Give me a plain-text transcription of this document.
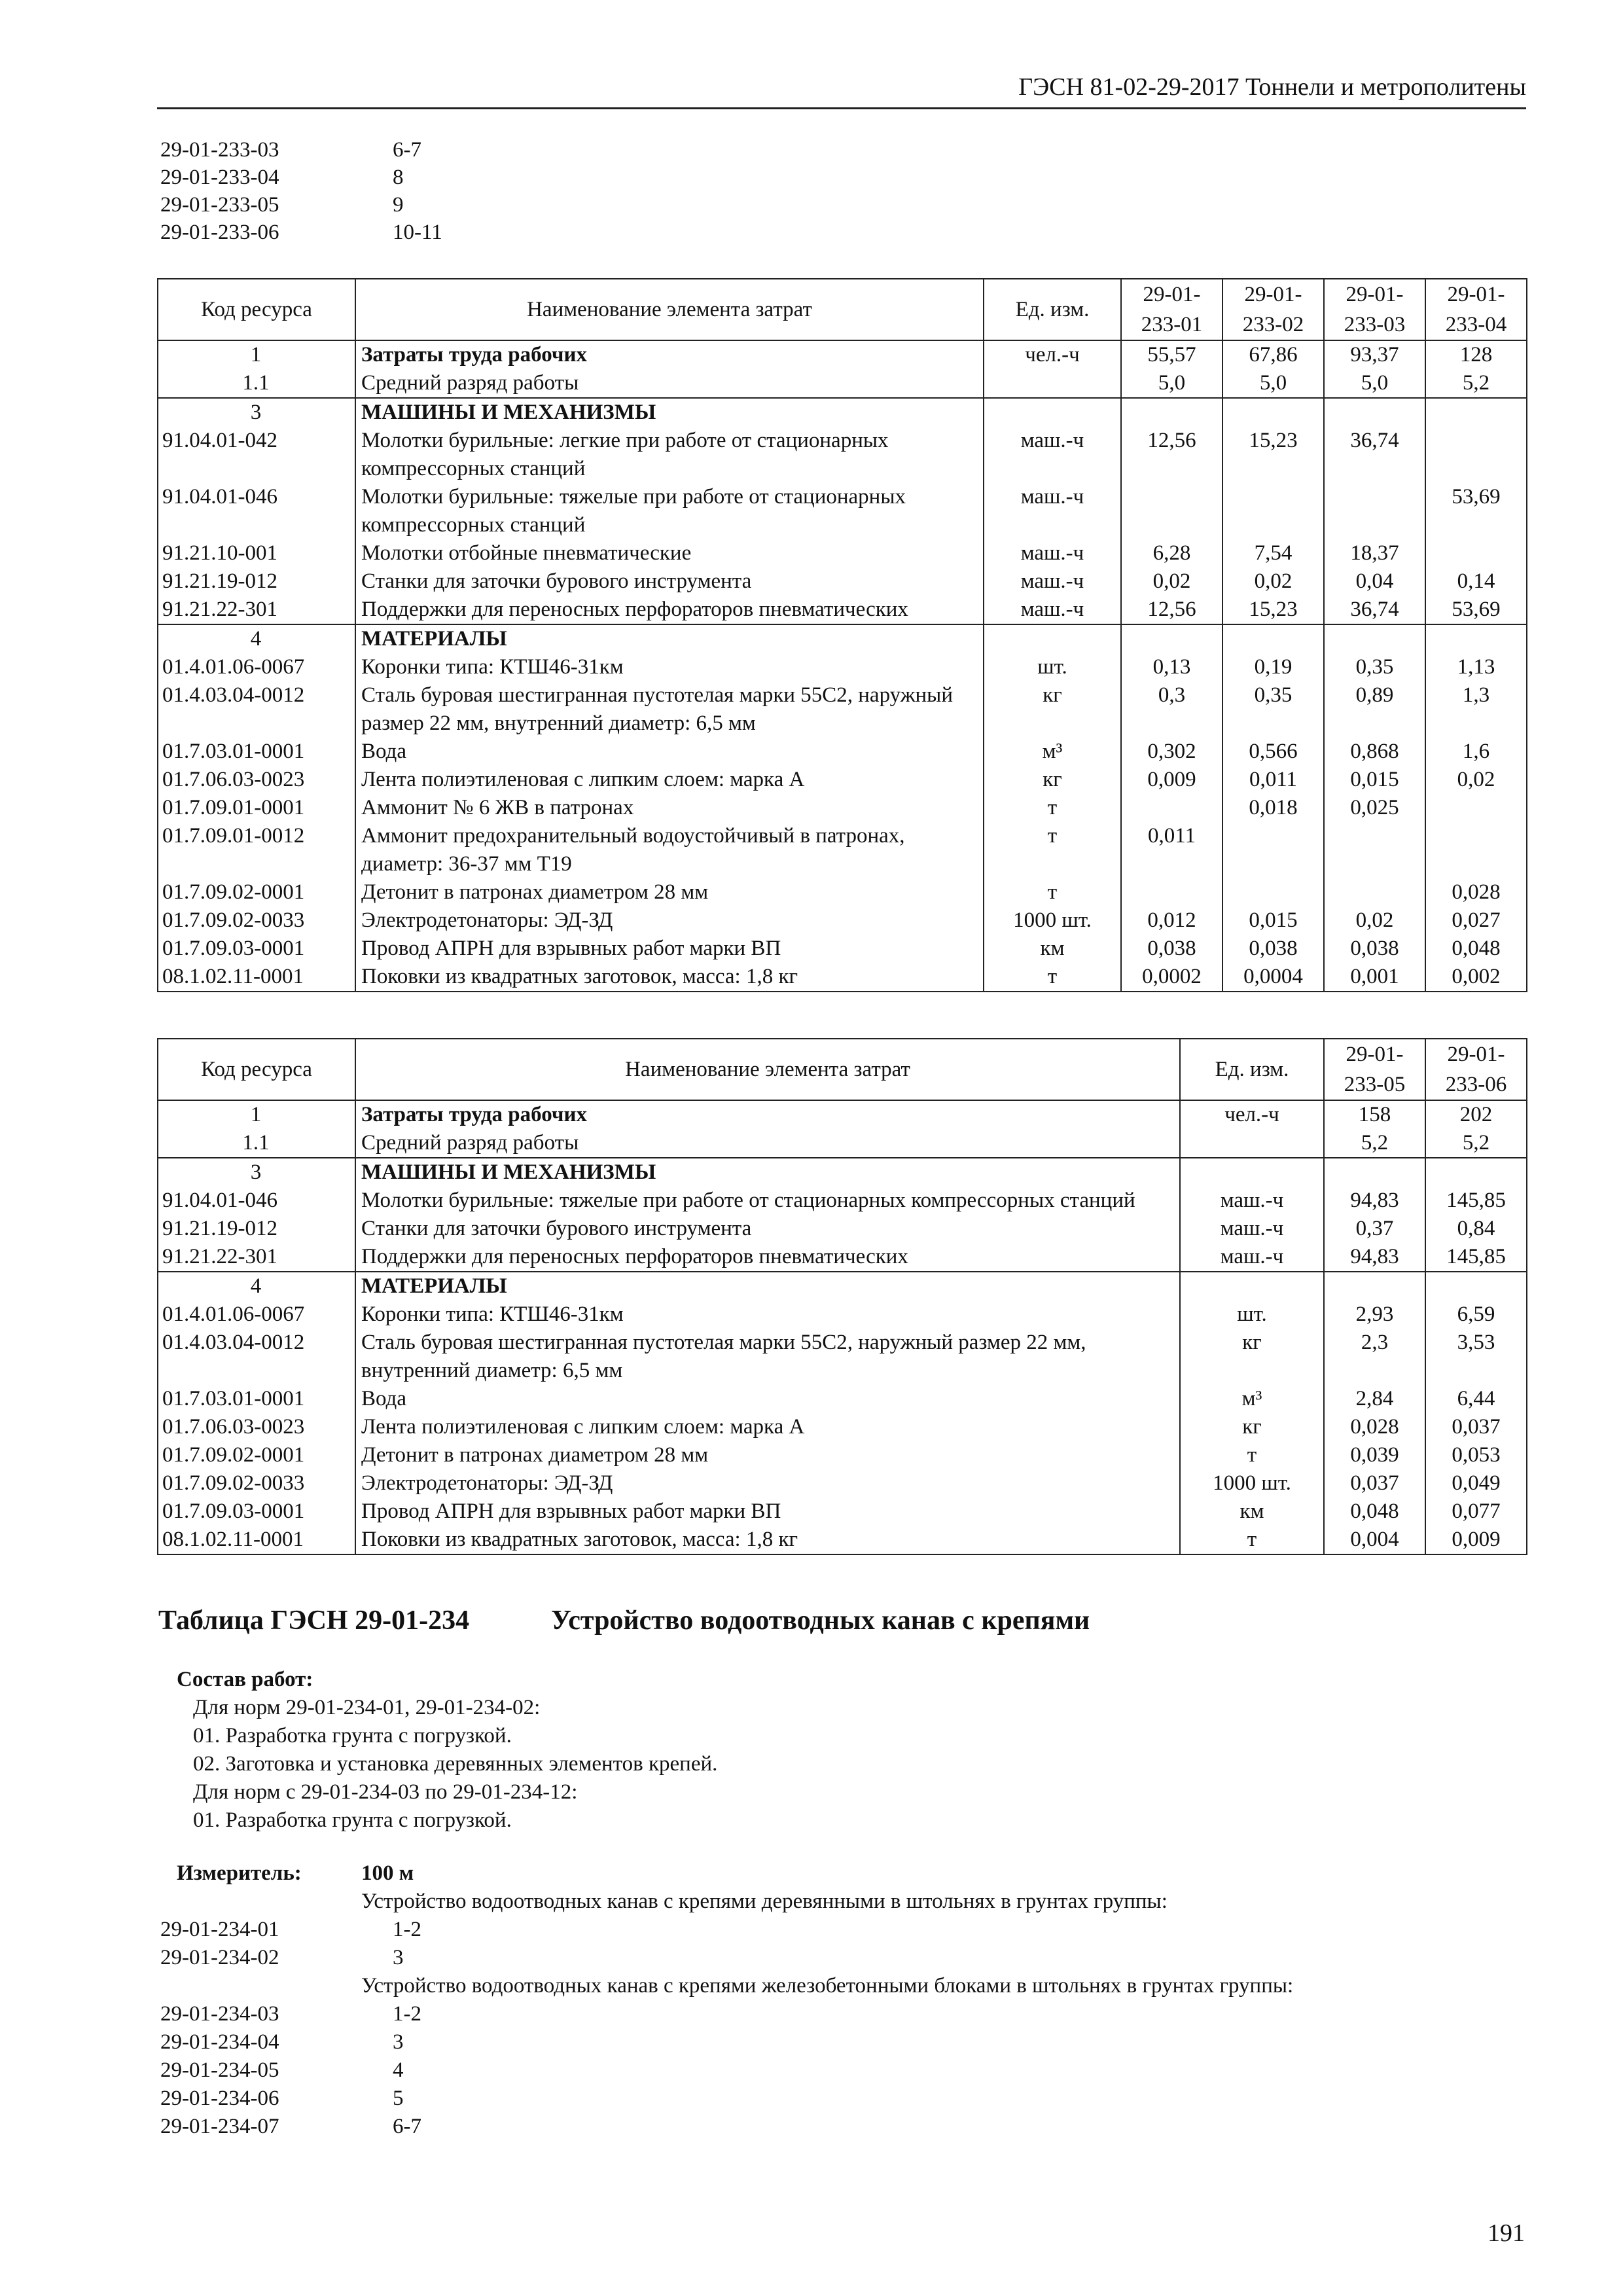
ГЭСН 81-02-29-2017 Тоннели и метрополитены
29-01-233-03	6-7
29-01-233-04	8
29-01-233-05	9
29-01-233-06	10-11
Код ресурса	Наименование элемента затрат	Ед. изм.	29-01-233-01	29-01-233-02	29-01-233-03	29-01-233-04
1	Затраты труда рабочих	чел.-ч	55,57	67,86	93,37	128
1.1	Средний разряд работы		5,0	5,0	5,0	5,2
3	МАШИНЫ И МЕХАНИЗМЫ					
91.04.01-042	Молотки бурильные: легкие при работе от стационарных компрессорных станций	маш.-ч	12,56	15,23	36,74	
91.04.01-046	Молотки бурильные: тяжелые при работе от стационарных компрессорных станций	маш.-ч				53,69
91.21.10-001	Молотки отбойные пневматические	маш.-ч	6,28	7,54	18,37	
91.21.19-012	Станки для заточки бурового инструмента	маш.-ч	0,02	0,02	0,04	0,14
91.21.22-301	Поддержки для переносных перфораторов пневматических	маш.-ч	12,56	15,23	36,74	53,69
4	МАТЕРИАЛЫ					
01.4.01.06-0067	Коронки типа: КТШ46-31км	шт.	0,13	0,19	0,35	1,13
01.4.03.04-0012	Сталь буровая шестигранная пустотелая марки 55С2, наружный размер 22 мм, внутренний диаметр: 6,5 мм	кг	0,3	0,35	0,89	1,3
01.7.03.01-0001	Вода	м³	0,302	0,566	0,868	1,6
01.7.06.03-0023	Лента полиэтиленовая с липким слоем: марка А	кг	0,009	0,011	0,015	0,02
01.7.09.01-0001	Аммонит № 6 ЖВ в патронах	т		0,018	0,025	
01.7.09.01-0012	Аммонит предохранительный водоустойчивый в патронах, диаметр: 36-37 мм Т19	т	0,011			
01.7.09.02-0001	Детонит в патронах диаметром 28 мм	т				0,028
01.7.09.02-0033	Электродетонаторы: ЭД-ЗД	1000 шт.	0,012	0,015	0,02	0,027
01.7.09.03-0001	Провод АПРН для взрывных работ марки ВП	км	0,038	0,038	0,038	0,048
08.1.02.11-0001	Поковки из квадратных заготовок, масса: 1,8 кг	т	0,0002	0,0004	0,001	0,002
Код ресурса	Наименование элемента затрат	Ед. изм.	29-01-233-05	29-01-233-06
1	Затраты труда рабочих	чел.-ч	158	202
1.1	Средний разряд работы		5,2	5,2
3	МАШИНЫ И МЕХАНИЗМЫ			
91.04.01-046	Молотки бурильные: тяжелые при работе от стационарных компрессорных станций	маш.-ч	94,83	145,85
91.21.19-012	Станки для заточки бурового инструмента	маш.-ч	0,37	0,84
91.21.22-301	Поддержки для переносных перфораторов пневматических	маш.-ч	94,83	145,85
4	МАТЕРИАЛЫ			
01.4.01.06-0067	Коронки типа: КТШ46-31км	шт.	2,93	6,59
01.4.03.04-0012	Сталь буровая шестигранная пустотелая марки 55С2, наружный размер 22 мм, внутренний диаметр: 6,5 мм	кг	2,3	3,53
01.7.03.01-0001	Вода	м³	2,84	6,44
01.7.06.03-0023	Лента полиэтиленовая с липким слоем: марка А	кг	0,028	0,037
01.7.09.02-0001	Детонит в патронах диаметром 28 мм	т	0,039	0,053
01.7.09.02-0033	Электродетонаторы: ЭД-ЗД	1000 шт.	0,037	0,049
01.7.09.03-0001	Провод АПРН для взрывных работ марки ВП	км	0,048	0,077
08.1.02.11-0001	Поковки из квадратных заготовок, масса: 1,8 кг	т	0,004	0,009
Таблица ГЭСН 29-01-234	Устройство водоотводных канав с крепями
Состав работ:
Для норм 29-01-234-01, 29-01-234-02:
01. Разработка грунта с погрузкой.
02. Заготовка и установка деревянных элементов крепей.
Для норм с 29-01-234-03 по 29-01-234-12:
01. Разработка грунта с погрузкой.
Измеритель:	100 м
Устройство водоотводных канав с крепями деревянными в штольнях в грунтах группы:
29-01-234-01	1-2
29-01-234-02	3
Устройство водоотводных канав с крепями железобетонными блоками в штольнях в грунтах группы:
29-01-234-03	1-2
29-01-234-04	3
29-01-234-05	4
29-01-234-06	5
29-01-234-07	6-7
191
